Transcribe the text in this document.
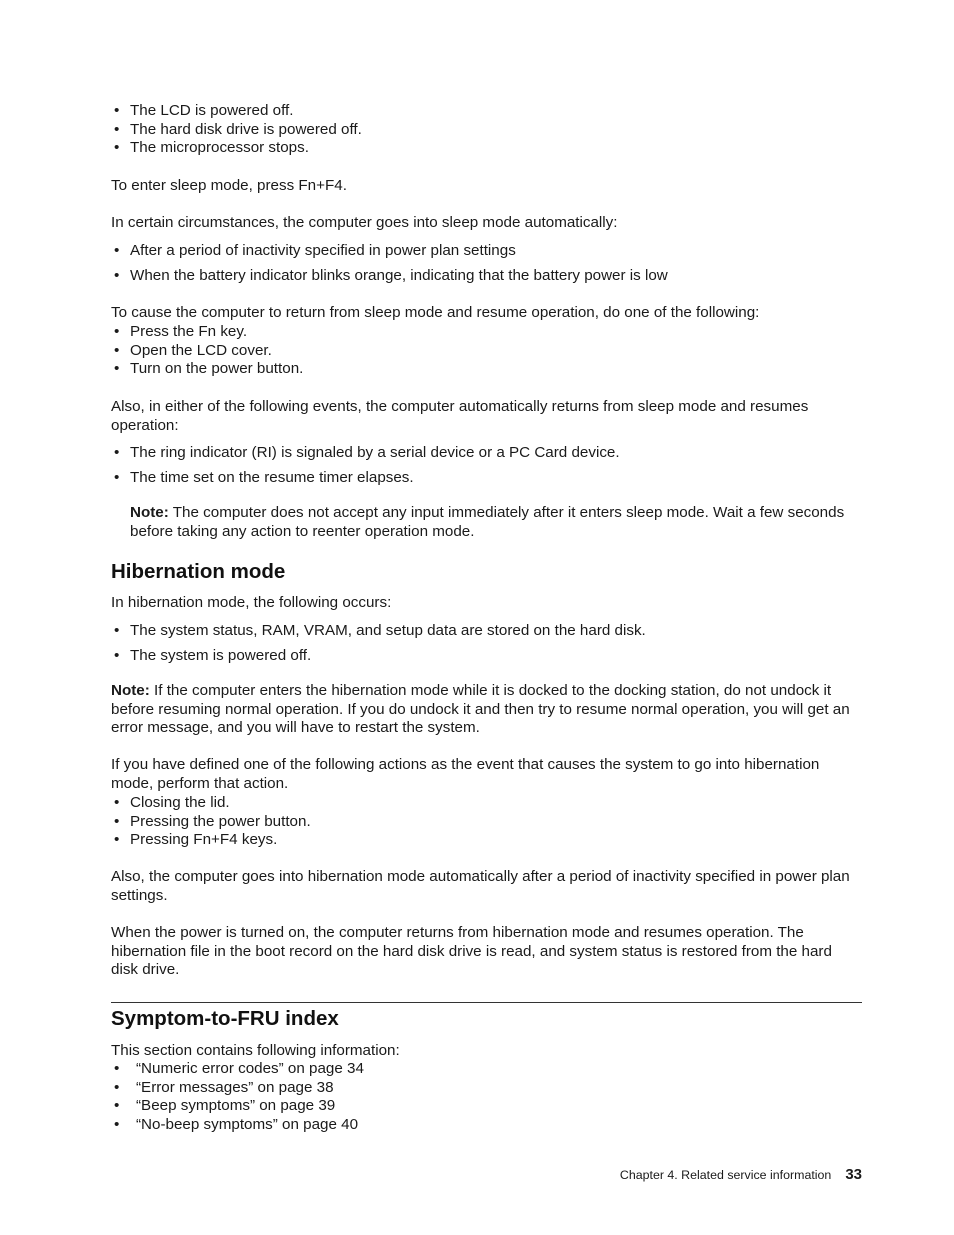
• The LCD is powered off.
• The hard disk drive is powered off.
• The microprocessor stops.

To enter sleep mode, press Fn+F4.

In certain circumstances, the computer goes into sleep mode automatically:

• After a period of inactivity specified in power plan settings
• When the battery indicator blinks orange, indicating that the battery power is low

To cause the computer to return from sleep mode and resume operation, do one of the following:

• Press the Fn key.
• Open the LCD cover.
• Turn on the power button.

Also, in either of the following events, the computer automatically returns from sleep mode and resumes operation:

• The ring indicator (RI) is signaled by a serial device or a PC Card device.
• The time set on the resume timer elapses.

Note: The computer does not accept any input immediately after it enters sleep mode. Wait a few seconds before taking any action to reenter operation mode.

Hibernation mode

In hibernation mode, the following occurs:

• The system status, RAM, VRAM, and setup data are stored on the hard disk.
• The system is powered off.

Note: If the computer enters the hibernation mode while it is docked to the docking station, do not undock it before resuming normal operation. If you do undock it and then try to resume normal operation, you will get an error message, and you will have to restart the system.

If you have defined one of the following actions as the event that causes the system to go into hibernation mode, perform that action.

• Closing the lid.
• Pressing the power button.
• Pressing Fn+F4 keys.

Also, the computer goes into hibernation mode automatically after a period of inactivity specified in power plan settings.

When the power is turned on, the computer returns from hibernation mode and resumes operation. The hibernation file in the boot record on the hard disk drive is read, and system status is restored from the hard disk drive.

Symptom-to-FRU index

This section contains following information:

• “Numeric error codes” on page 34
• “Error messages” on page 38
• “Beep symptoms” on page 39
• “No-beep symptoms” on page 40
Chapter 4. Related service information 33
